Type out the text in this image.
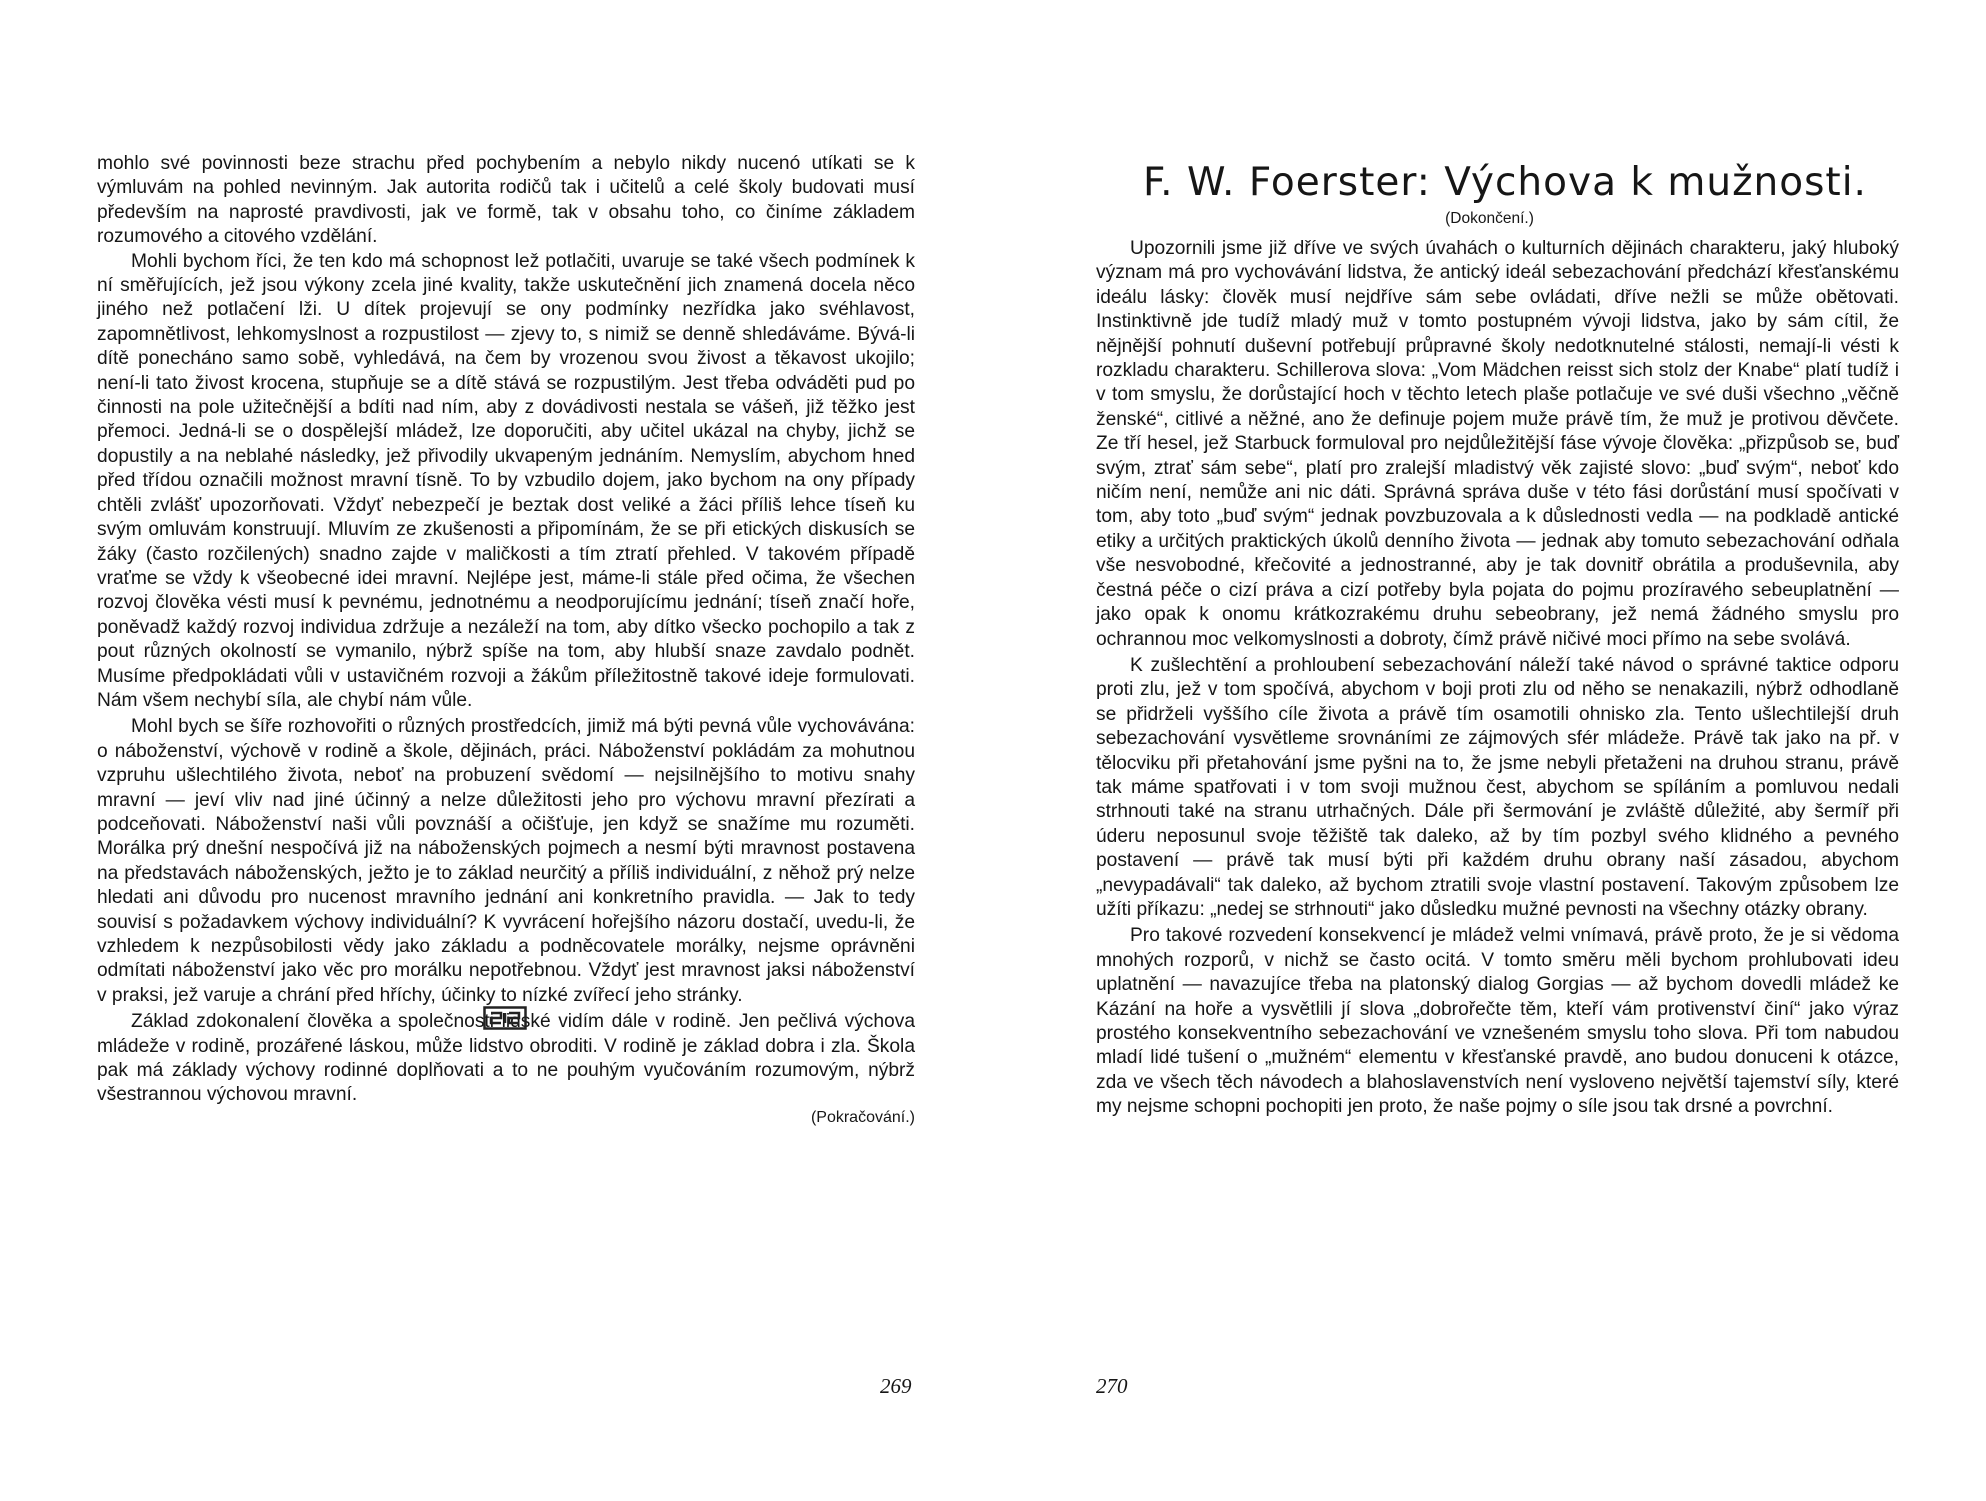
mohlo své povinnosti beze strachu před pochybením a nebylo nikdy nucenó utíkati se k výmluvám na pohled nevinným. Jak autorita rodičů tak i učitelů a celé školy budovati musí především na naprosté pravdivosti, jak ve formě, tak v obsahu toho, co činíme základem rozumového a citového vzdělání.

Mohli bychom říci, že ten kdo má schopnost lež potlačiti, uvaruje se také všech podmínek k ní směřujících, jež jsou výkony zcela jiné kvality, takže uskutečnění jich znamená docela něco jiného než potlačení lži. U dítek projevují se ony podmínky nezřídka jako svéhlavost, zapomnětlivost, lehkomyslnost a rozpustilost — zjevy to, s nimiž se denně shledáváme. Bývá-li dítě ponecháno samo sobě, vyhledává, na čem by vrozenou svou živost a těkavost ukojilo; není-li tato živost krocena, stupňuje se a dítě stává se rozpustilým. Jest třeba odváděti pud po činnosti na pole užitečnější a bdíti nad ním, aby z dovádivosti nestala se vášeň, již těžko jest přemoci. Jedná-li se o dospělejší mládež, lze doporučiti, aby učitel ukázal na chyby, jichž se dopustily a na neblahé následky, jež přivodily ukvapeným jednáním. Nemyslím, abychom hned před třídou označili možnost mravní tísně. To by vzbudilo dojem, jako bychom na ony případy chtěli zvlášť upozorňovati. Vždyť nebezpečí je beztak dost veliké a žáci příliš lehce tíseň ku svým omluvám konstruují. Mluvím ze zkušenosti a připomínám, že se při etických diskusích se žáky (často rozčilených) snadno zajde v maličkosti a tím ztratí přehled. V takovém případě vraťme se vždy k všeobecné idei mravní. Nejlépe jest, máme-li stále před očima, že všechen rozvoj člověka vésti musí k pevnému, jednotnému a neodporujícímu jednání; tíseň značí hoře, poněvadž každý rozvoj individua zdržuje a nezáleží na tom, aby dítko všecko pochopilo a tak z pout různých okolností se vymanilo, nýbrž spíše na tom, aby hlubší snaze zavdalo podnět. Musíme předpokládati vůli v ustavičném rozvoji a žákům příležitostně takové ideje formulovati. Nám všem nechybí síla, ale chybí nám vůle.

Mohl bych se šíře rozhovořiti o různých prostředcích, jimiž má býti pevná vůle vychovávána: o náboženství, výchově v rodině a škole, dějinách, práci. Náboženství pokládám za mohutnou vzpruhu ušlechtilého života, neboť na probuzení svědomí — nejsilnějšího to motivu snahy mravní — jeví vliv nad jiné účinný a nelze důležitosti jeho pro výchovu mravní přezírati a podceňovati. Náboženství naši vůli povznáší a očišťuje, jen když se snažíme mu rozuměti. Morálka prý dnešní nespočívá již na náboženských pojmech a nesmí býti mravnost postavena na představách náboženských, ježto je to základ neurčitý a příliš individuální, z něhož prý nelze hledati ani důvodu pro nucenost mravního jednání ani konkretního pravidla. — Jak to tedy souvisí s požadavkem výchovy individuální? K vyvrácení hořejšího názoru dostačí, uvedu-li, že vzhledem k nezpůsobilosti vědy jako základu a podněcovatele morálky, nejsme oprávněni odmítati náboženství jako věc pro morálku nepotřebnou. Vždyť jest mravnost jaksi náboženství v praksi, jež varuje a chrání před hříchy, účinky to nízké zvířecí jeho stránky.

Základ zdokonalení člověka a společnosti lidské vidím dále v rodině. Jen pečlivá výchova mládeže v rodině, prozářené láskou, může lidstvo obroditi. V rodině je základ dobra i zla. Škola pak má základy výchovy rodinné doplňovati a to ne pouhým vyučováním rozumovým, nýbrž všestrannou výchovou mravní.

(Pokračování.)
269
F. W. Foerster: Výchova k mužnosti.
(Dokončení.)

Upozornili jsme již dříve ve svých úvahách o kulturních dějinách charakteru, jaký hluboký význam má pro vychovávání lidstva, že antický ideál sebezachování předchází křesťanskému ideálu lásky: člověk musí nejdříve sám sebe ovládati, dříve nežli se může obětovati. Instinktivně jde tudíž mladý muž v tomto postupném vývoji lidstva, jako by sám cítil, že nějnější pohnutí duševní potřebují průpravné školy nedotknutelné stálosti, nemají-li vésti k rozkladu charakteru. Schillerova slova: „Vom Mädchen reisst sich stolz der Knabe“ platí tudíž i v tom smyslu, že dorůstající hoch v těchto letech plaše potlačuje ve své duši všechno „věčně ženské“, citlivé a něžné, ano že definuje pojem muže právě tím, že muž je protivou děvčete. Ze tří hesel, jež Starbuck formuloval pro nejdůležitější fáse vývoje člověka: „přizpůsob se, buď svým, ztrať sám sebe“, platí pro zralejší mladistvý věk zajisté slovo: „buď svým“, neboť kdo ničím není, nemůže ani nic dáti. Správná správa duše v této fási dorůstání musí spočívati v tom, aby toto „buď svým“ jednak povzbuzovala a k důslednosti vedla — na podkladě antické etiky a určitých praktických úkolů denního života — jednak aby tomuto sebezachování odňala vše nesvobodné, křečovité a jednostranné, aby je tak dovnitř obrátila a produševnila, aby čestná péče o cizí práva a cizí potřeby byla pojata do pojmu prozíravého sebeuplatnění — jako opak k onomu krátkozrakému druhu sebeobrany, jež nemá žádného smyslu pro ochrannou moc velkomyslnosti a dobroty, čímž právě ničivé moci přímo na sebe svolává.

K zušlechtění a prohloubení sebezachování náleží také návod o správné taktice odporu proti zlu, jež v tom spočívá, abychom v boji proti zlu od něho se nenakazili, nýbrž odhodlaně se přidrželi vyššího cíle života a právě tím osamotili ohnisko zla. Tento ušlechtilejší druh sebezachování vysvětleme srovnáními ze zájmových sfér mládeže. Právě tak jako na př. v tělocviku při přetahování jsme pyšni na to, že jsme nebyli přetaženi na druhou stranu, právě tak máme spatřovati i v tom svoji mužnou čest, abychom se spíláním a pomluvou nedali strhnouti také na stranu utrhačných. Dále při šermování je zvláště důležité, aby šermíř při úderu neposunul svoje těžiště tak daleko, až by tím pozbyl svého klidného a pevného postavení — právě tak musí býti při každém druhu obrany naší zásadou, abychom „nevypadávali“ tak daleko, až bychom ztratili svoje vlastní postavení. Takovým způsobem lze užíti příkazu: „nedej se strhnouti“ jako důsledku mužné pevnosti na všechny otázky obrany.

Pro takové rozvedení konsekvencí je mládež velmi vnímavá, právě proto, že je si vědoma mnohých rozporů, v nichž se často ocitá. V tomto směru měli bychom prohlubovati ideu uplatnění — navazujíce třeba na platonský dialog Gorgias — až bychom dovedli mládež ke Kázání na hoře a vysvětlili jí slova „dobrořečte těm, kteří vám protivenství činí“ jako výraz prostého konsekventního sebezachování ve vznešeném smyslu toho slova. Při tom nabudou mladí lidé tušení o „mužném“ elementu v křesťanské pravdě, ano budou donuceni k otázce, zda ve všech těch návodech a blahoslavenstvích není vysloveno největší tajemství síly, které my nejsme schopni pochopiti jen proto, že naše pojmy o síle jsou tak drsné a povrchní.

270
